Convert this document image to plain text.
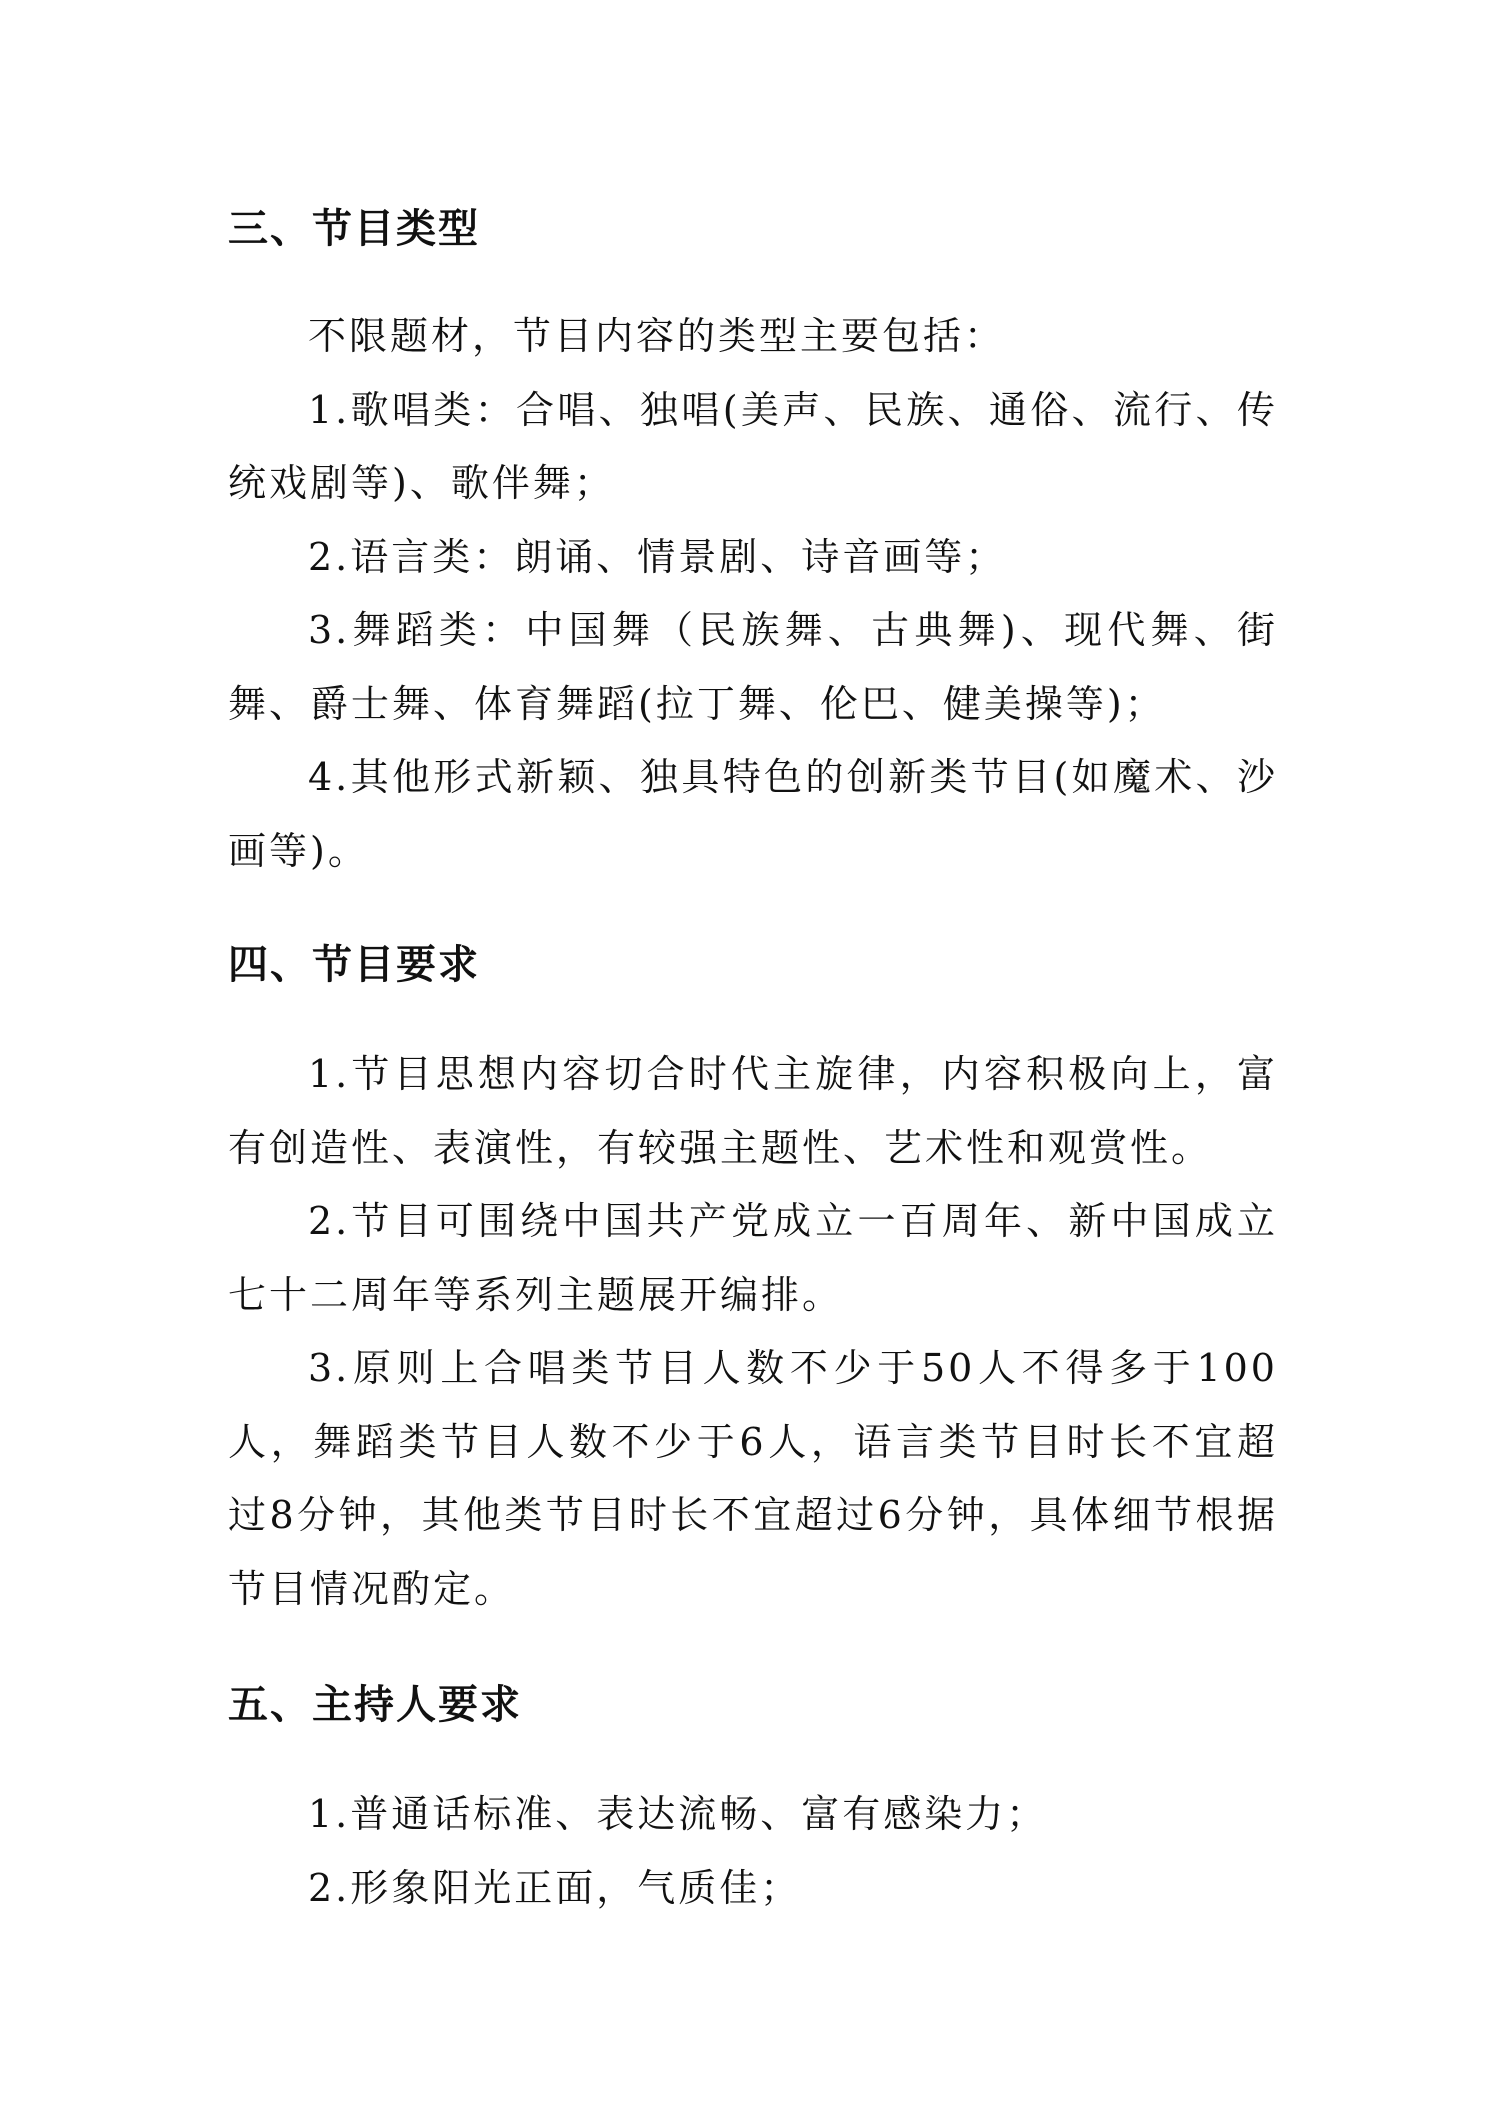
三、节目类型

不限题材，节目内容的类型主要包括：

1.歌唱类：合唱、独唱(美声、民族、通俗、流行、传统戏剧等)、歌伴舞；

2.语言类：朗诵、情景剧、诗音画等；

3.舞蹈类：中国舞（民族舞、古典舞)、现代舞、街舞、爵士舞、体育舞蹈(拉丁舞、伦巴、健美操等)；

4.其他形式新颖、独具特色的创新类节目(如魔术、沙画等)。

四、节目要求

1.节目思想内容切合时代主旋律，内容积极向上，富有创造性、表演性，有较强主题性、艺术性和观赏性。

2.节目可围绕中国共产党成立一百周年、新中国成立七十二周年等系列主题展开编排。

3.原则上合唱类节目人数不少于50人不得多于100人，舞蹈类节目人数不少于6人，语言类节目时长不宜超过8分钟，其他类节目时长不宜超过6分钟，具体细节根据节目情况酌定。

五、主持人要求

1.普通话标准、表达流畅、富有感染力；

2.形象阳光正面，气质佳；
